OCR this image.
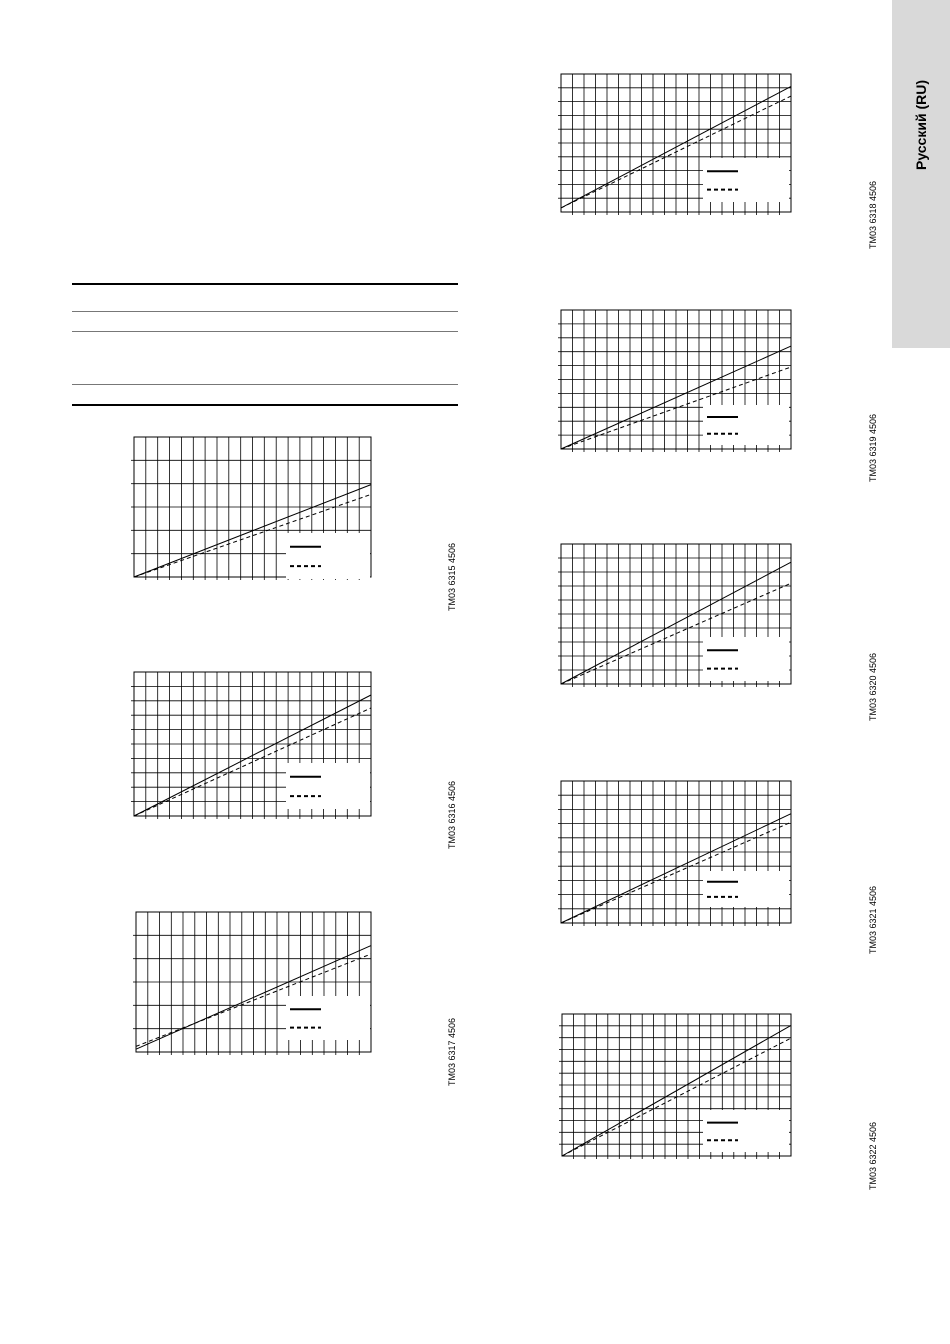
Русский (RU)
TM03 6315 4506
TM03 6316 4506
TM03 6317 4506
TM03 6318 4506
TM03 6319 4506
TM03 6320 4506
TM03 6321 4506
TM03 6322 4506
